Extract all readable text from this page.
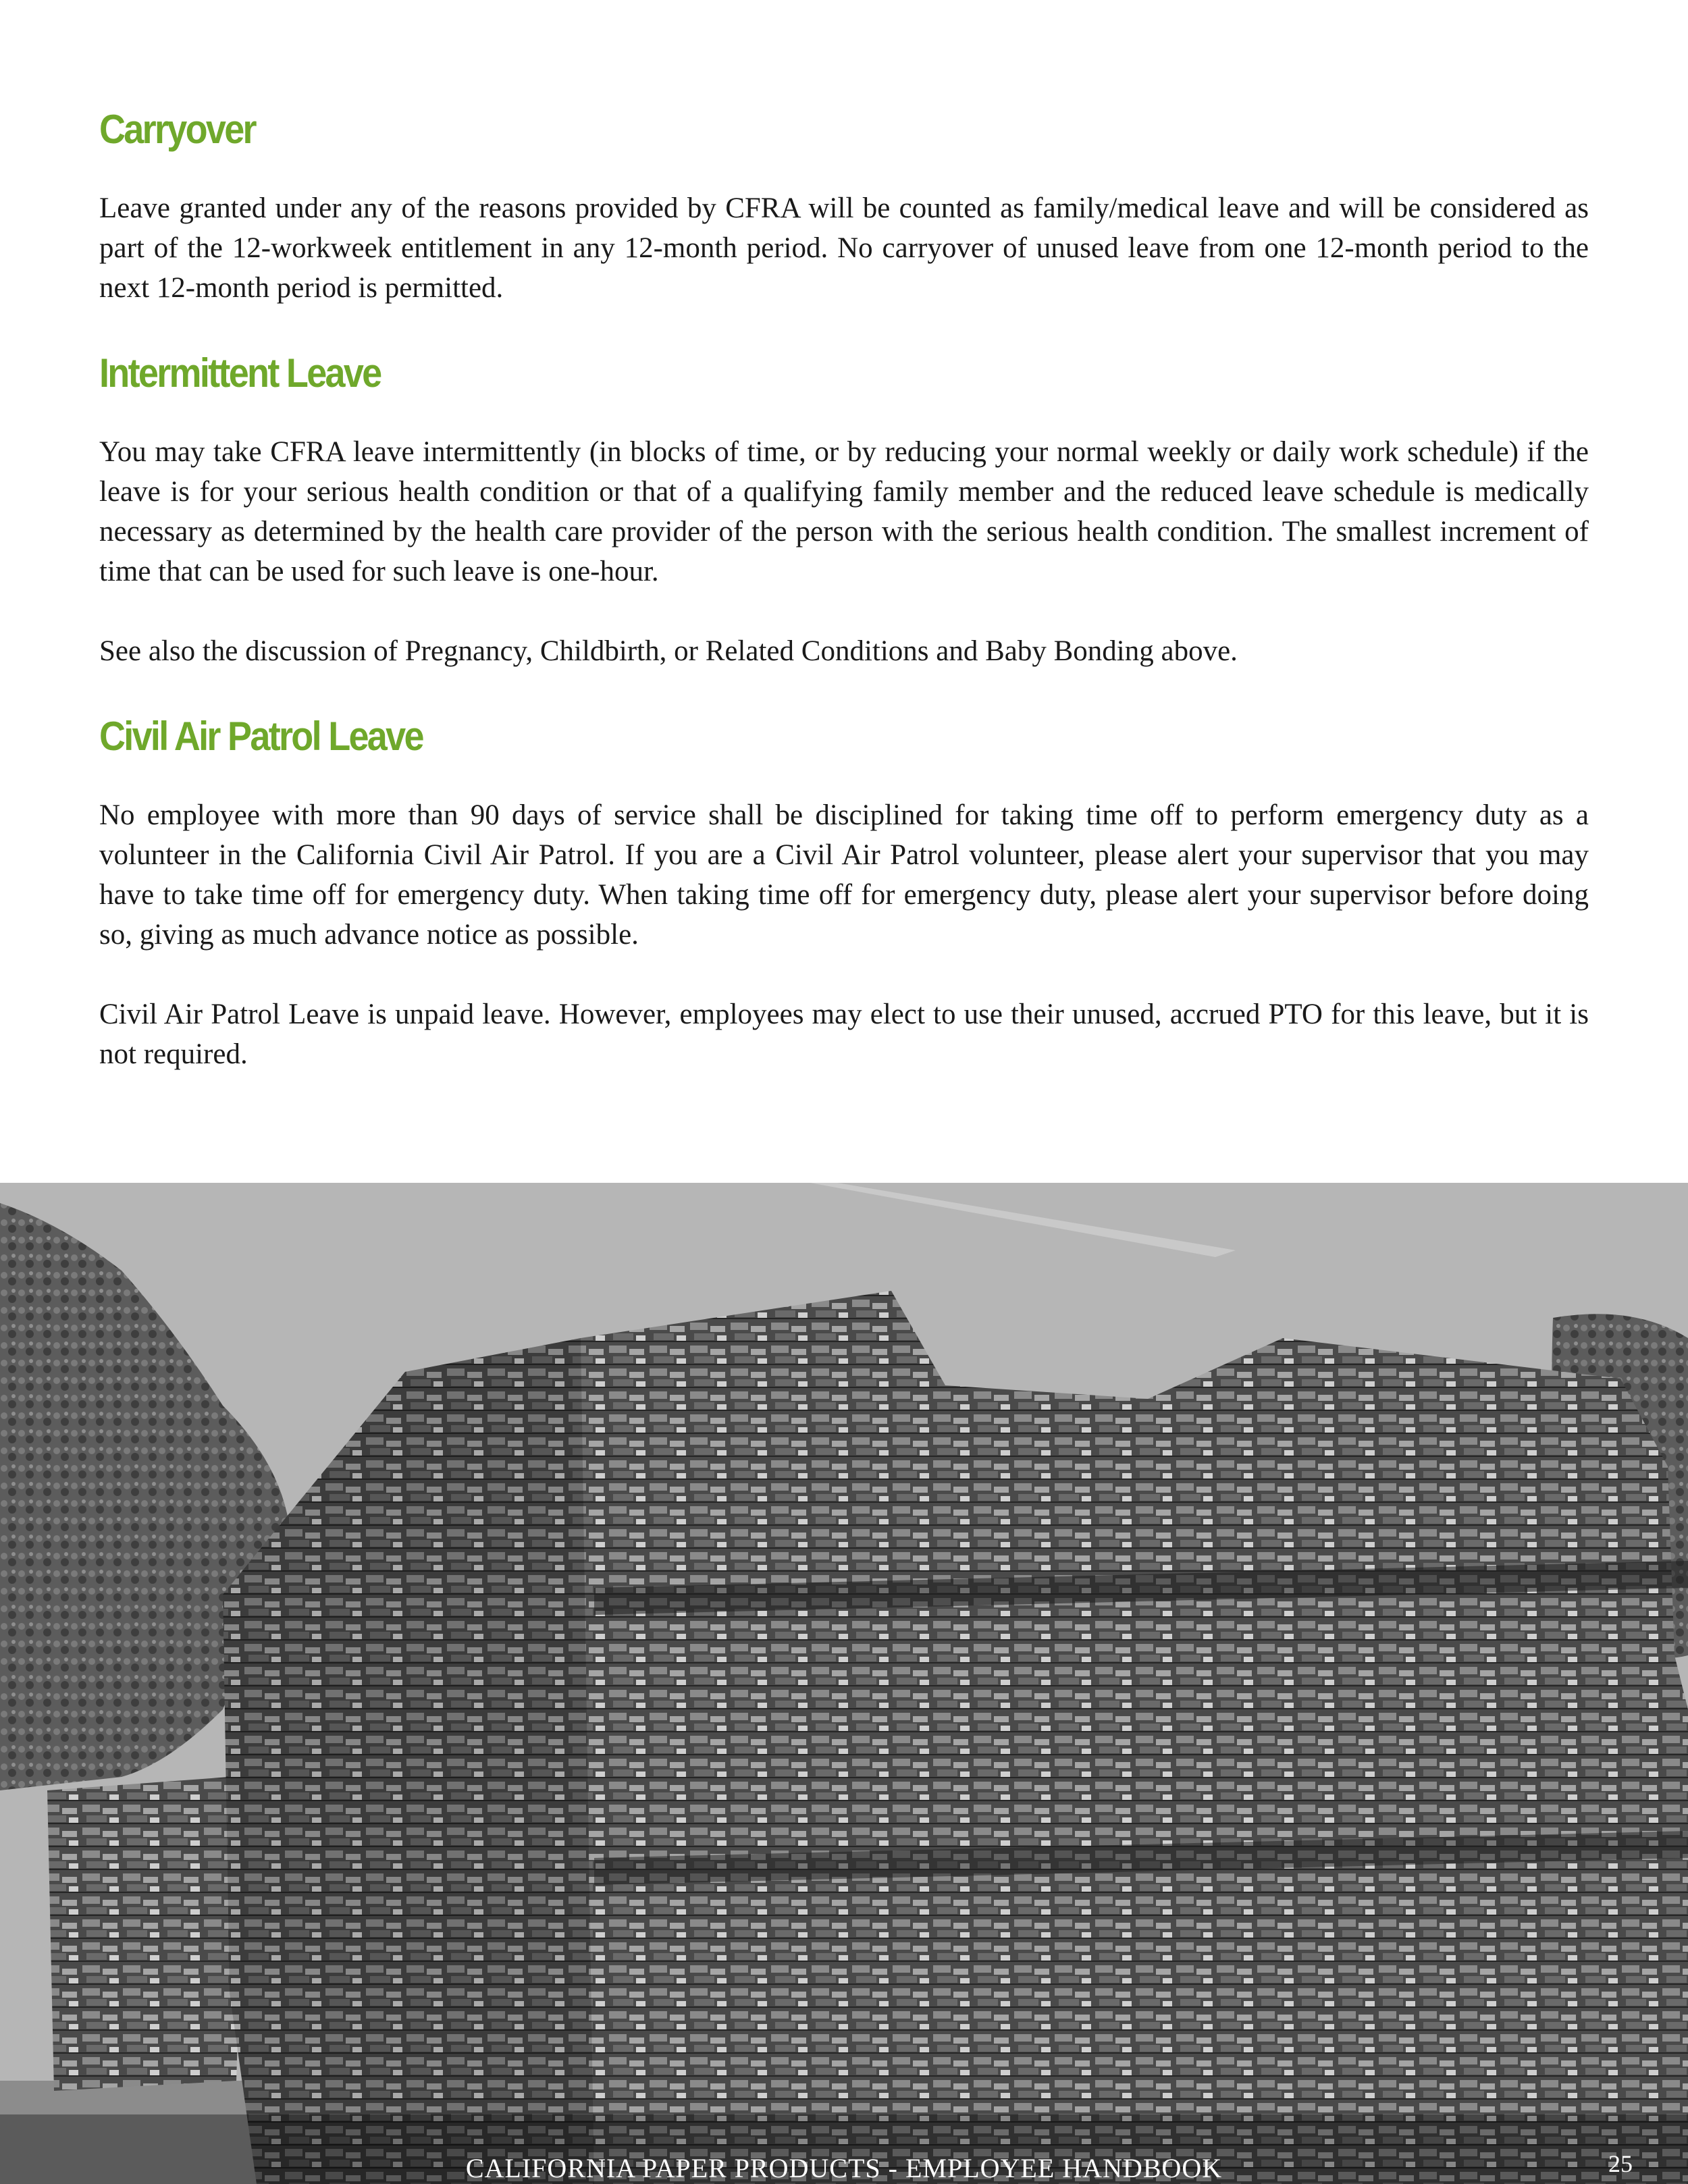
Carryover

Leave granted under any of the reasons provided by CFRA will be counted as family/medical leave and will be considered as part of the 12-workweek entitlement in any 12-month period. No carryover of unused leave from one 12-month period to the next 12-month period is permitted.

Intermittent Leave

You may take CFRA leave intermittently (in blocks of time, or by reducing your normal weekly or daily work schedule) if the leave is for your serious health condition or that of a qualifying family member and the reduced leave schedule is medically necessary as determined by the health care provider of the person with the serious health condition. The smallest increment of time that can be used for such leave is one-hour.

See also the discussion of Pregnancy, Childbirth, or Related Conditions and Baby Bonding above.

Civil Air Patrol Leave

No employee with more than 90 days of service shall be disciplined for taking time off to perform emergency duty as a volunteer in the California Civil Air Patrol. If you are a Civil Air Patrol volunteer, please alert your supervisor that you may have to take time off for emergency duty. When taking time off for emergency duty, please alert your supervisor before doing so, giving as much advance notice as possible.

Civil Air Patrol Leave is unpaid leave. However, employees may elect to use their unused, accrued PTO for this leave, but it is not required.

CALIFORNIA PAPER PRODUCTS - EMPLOYEE HANDBOOK	25
